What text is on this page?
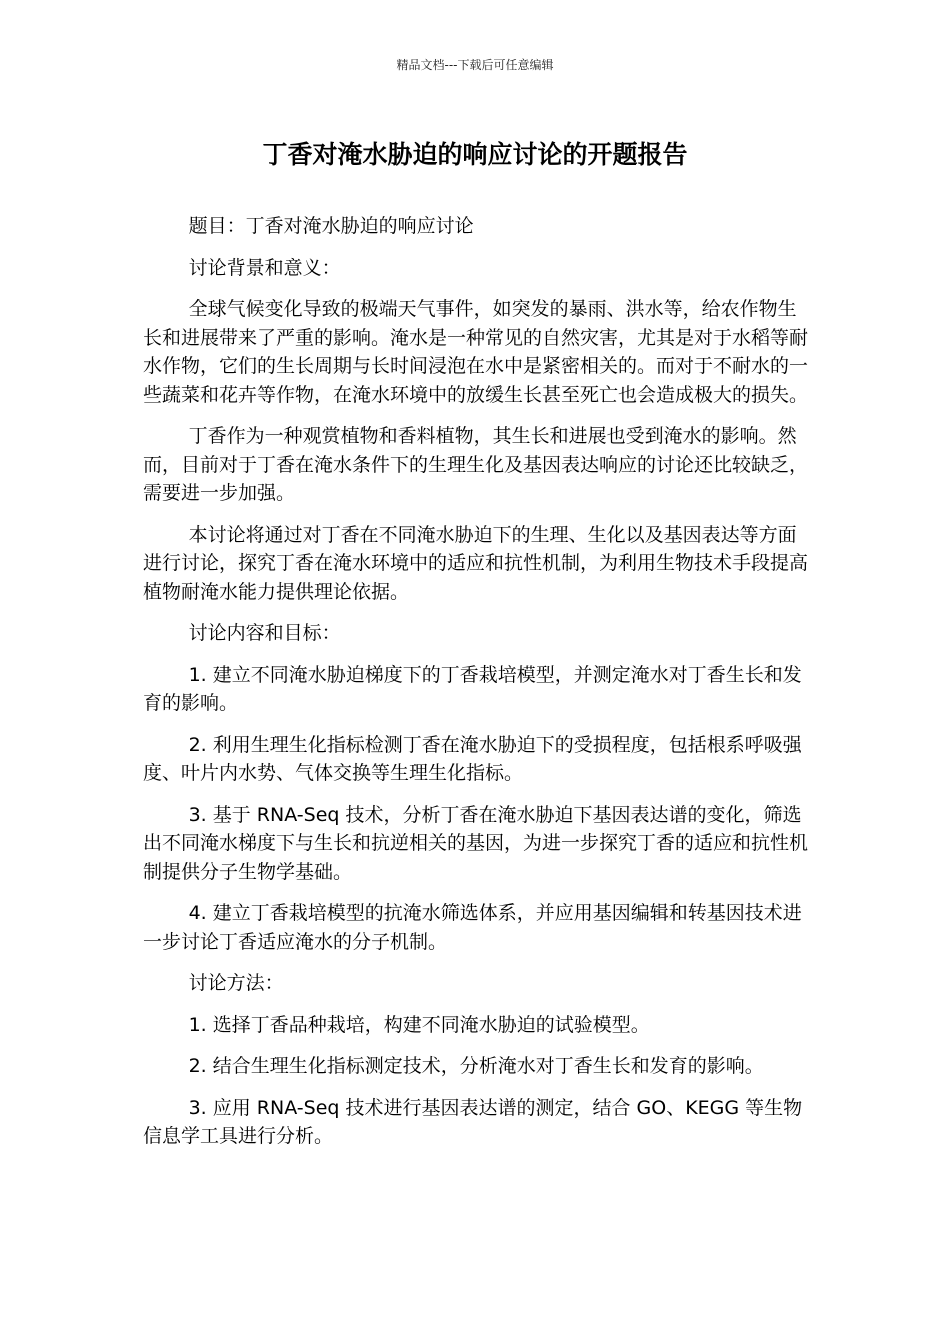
精品文档---下载后可任意编辑
丁香对淹水胁迫的响应讨论的开题报告

题目：丁香对淹水胁迫的响应讨论

讨论背景和意义：

全球气候变化导致的极端天气事件，如突发的暴雨、洪水等，给农作物生长和进展带来了严重的影响。淹水是一种常见的自然灾害，尤其是对于水稻等耐水作物，它们的生长周期与长时间浸泡在水中是紧密相关的。而对于不耐水的一些蔬菜和花卉等作物，在淹水环境中的放缓生长甚至死亡也会造成极大的损失。

丁香作为一种观赏植物和香料植物，其生长和进展也受到淹水的影响。然而，目前对于丁香在淹水条件下的生理生化及基因表达响应的讨论还比较缺乏，需要进一步加强。

本讨论将通过对丁香在不同淹水胁迫下的生理、生化以及基因表达等方面进行讨论，探究丁香在淹水环境中的适应和抗性机制，为利用生物技术手段提高植物耐淹水能力提供理论依据。

讨论内容和目标：

1. 建立不同淹水胁迫梯度下的丁香栽培模型，并测定淹水对丁香生长和发育的影响。

2. 利用生理生化指标检测丁香在淹水胁迫下的受损程度，包括根系呼吸强度、叶片内水势、气体交换等生理生化指标。

3. 基于 RNA-Seq 技术，分析丁香在淹水胁迫下基因表达谱的变化，筛选出不同淹水梯度下与生长和抗逆相关的基因，为进一步探究丁香的适应和抗性机制提供分子生物学基础。

4. 建立丁香栽培模型的抗淹水筛选体系，并应用基因编辑和转基因技术进一步讨论丁香适应淹水的分子机制。

讨论方法：

1. 选择丁香品种栽培，构建不同淹水胁迫的试验模型。

2. 结合生理生化指标测定技术，分析淹水对丁香生长和发育的影响。

3. 应用 RNA-Seq 技术进行基因表达谱的测定，结合 GO、KEGG 等生物信息学工具进行分析。
